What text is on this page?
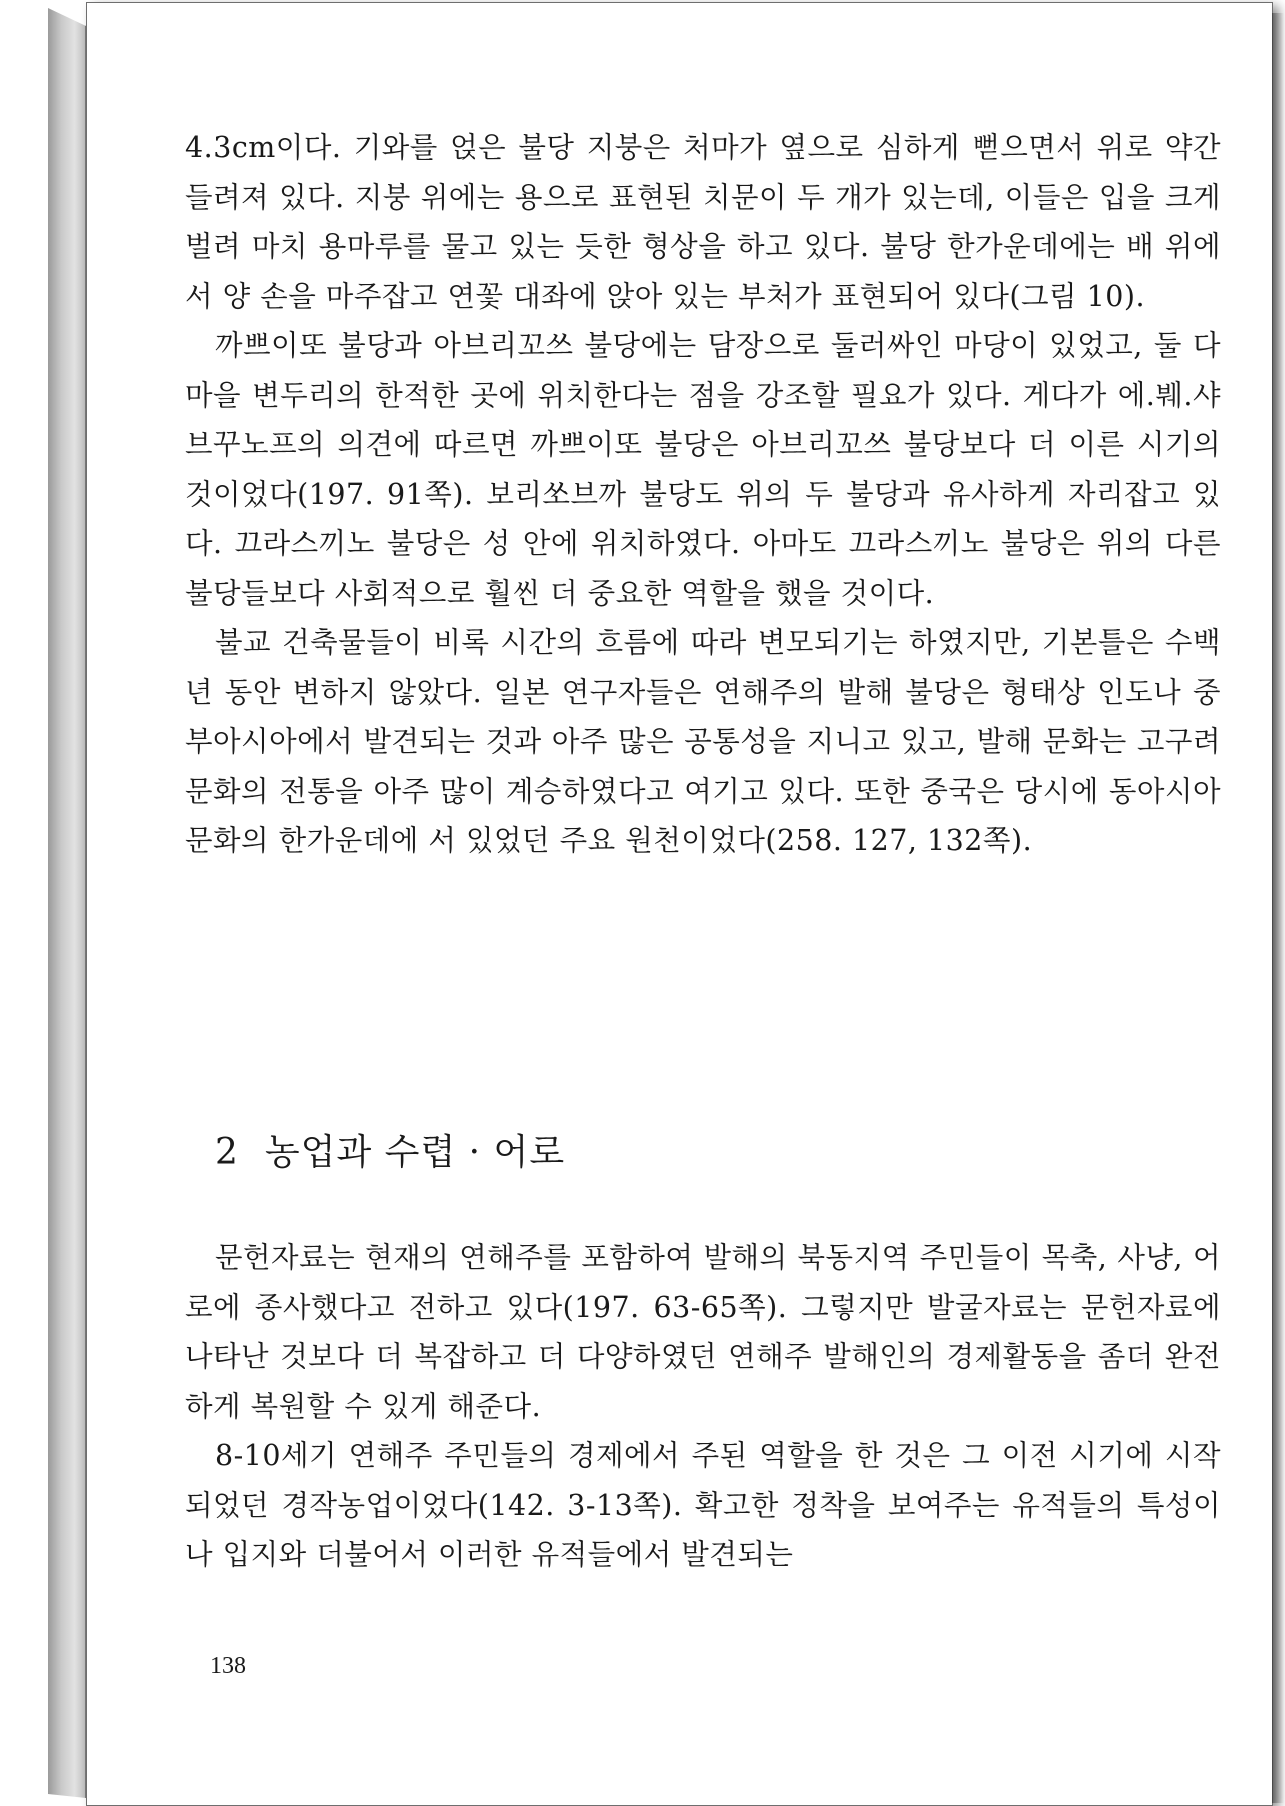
4.3cm이다. 기와를 얹은 불당 지붕은 처마가 옆으로 심하게 뻗으면서 위로 약간 들려져 있다. 지붕 위에는 용으로 표현된 치문이 두 개가 있는데, 이들은 입을 크게 벌려 마치 용마루를 물고 있는 듯한 형상을 하고 있다. 불당 한가운데에는 배 위에서 양 손을 마주잡고 연꽃 대좌에 앉아 있는 부처가 표현되어 있다(그림 10).

까쁘이또 불당과 아브리꼬쓰 불당에는 담장으로 둘러싸인 마당이 있었고, 둘 다 마을 변두리의 한적한 곳에 위치한다는 점을 강조할 필요가 있다. 게다가 에.붸.샤브꾸노프의 의견에 따르면 까쁘이또 불당은 아브리꼬쓰 불당보다 더 이른 시기의 것이었다(197. 91쪽). 보리쏘브까 불당도 위의 두 불당과 유사하게 자리잡고 있다. 끄라스끼노 불당은 성 안에 위치하였다. 아마도 끄라스끼노 불당은 위의 다른 불당들보다 사회적으로 훨씬 더 중요한 역할을 했을 것이다.

불교 건축물들이 비록 시간의 흐름에 따라 변모되기는 하였지만, 기본틀은 수백년 동안 변하지 않았다. 일본 연구자들은 연해주의 발해 불당은 형태상 인도나 중부아시아에서 발견되는 것과 아주 많은 공통성을 지니고 있고, 발해 문화는 고구려 문화의 전통을 아주 많이 계승하였다고 여기고 있다. 또한 중국은 당시에 동아시아 문화의 한가운데에 서 있었던 주요 원천이었다(258. 127, 132쪽).

2 농업과 수렵 · 어로

문헌자료는 현재의 연해주를 포함하여 발해의 북동지역 주민들이 목축, 사냥, 어로에 종사했다고 전하고 있다(197. 63-65쪽). 그렇지만 발굴자료는 문헌자료에 나타난 것보다 더 복잡하고 더 다양하였던 연해주 발해인의 경제활동을 좀더 완전하게 복원할 수 있게 해준다.

8-10세기 연해주 주민들의 경제에서 주된 역할을 한 것은 그 이전 시기에 시작되었던 경작농업이었다(142. 3-13쪽). 확고한 정착을 보여주는 유적들의 특성이나 입지와 더불어서 이러한 유적들에서 발견되는

138
